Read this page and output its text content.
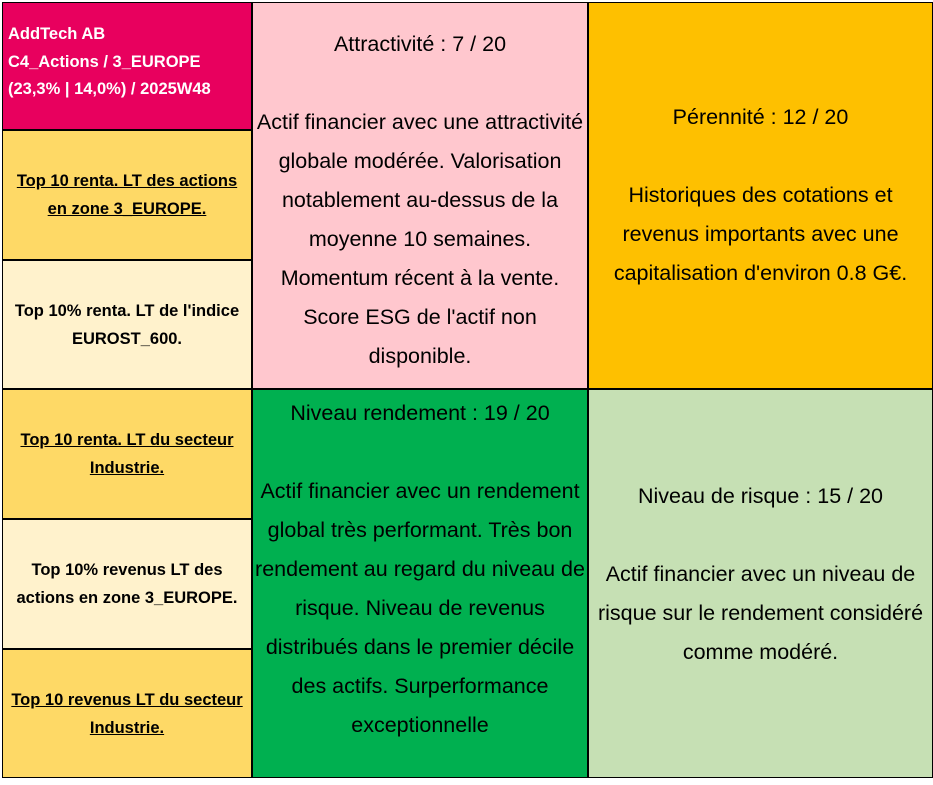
AddTech AB
C4_Actions / 3_EUROPE
(23,3% | 14,0%) / 2025W48
Top 10 renta. LT des actions en zone 3_EUROPE.
Top 10% renta. LT de l'indice EUROST_600.
Top 10 renta. LT du secteur Industrie.
Top 10% revenus LT des actions en zone 3_EUROPE.
Top 10 revenus LT du secteur Industrie.
Attractivité : 7 / 20
Actif financier avec une attractivité globale modérée. Valorisation notablement au-dessus de la moyenne 10 semaines. Momentum récent à la vente. Score ESG de l'actif non disponible.
Pérennité : 12 / 20
Historiques des cotations et revenus importants avec une capitalisation d'environ 0.8 G€.
Niveau rendement : 19 / 20
Actif financier avec un rendement global très performant. Très bon rendement au regard du niveau de risque. Niveau de revenus distribués dans le premier décile des actifs. Surperformance exceptionnelle
Niveau de risque : 15 / 20
Actif financier avec un niveau de risque sur le rendement considéré comme modéré.
